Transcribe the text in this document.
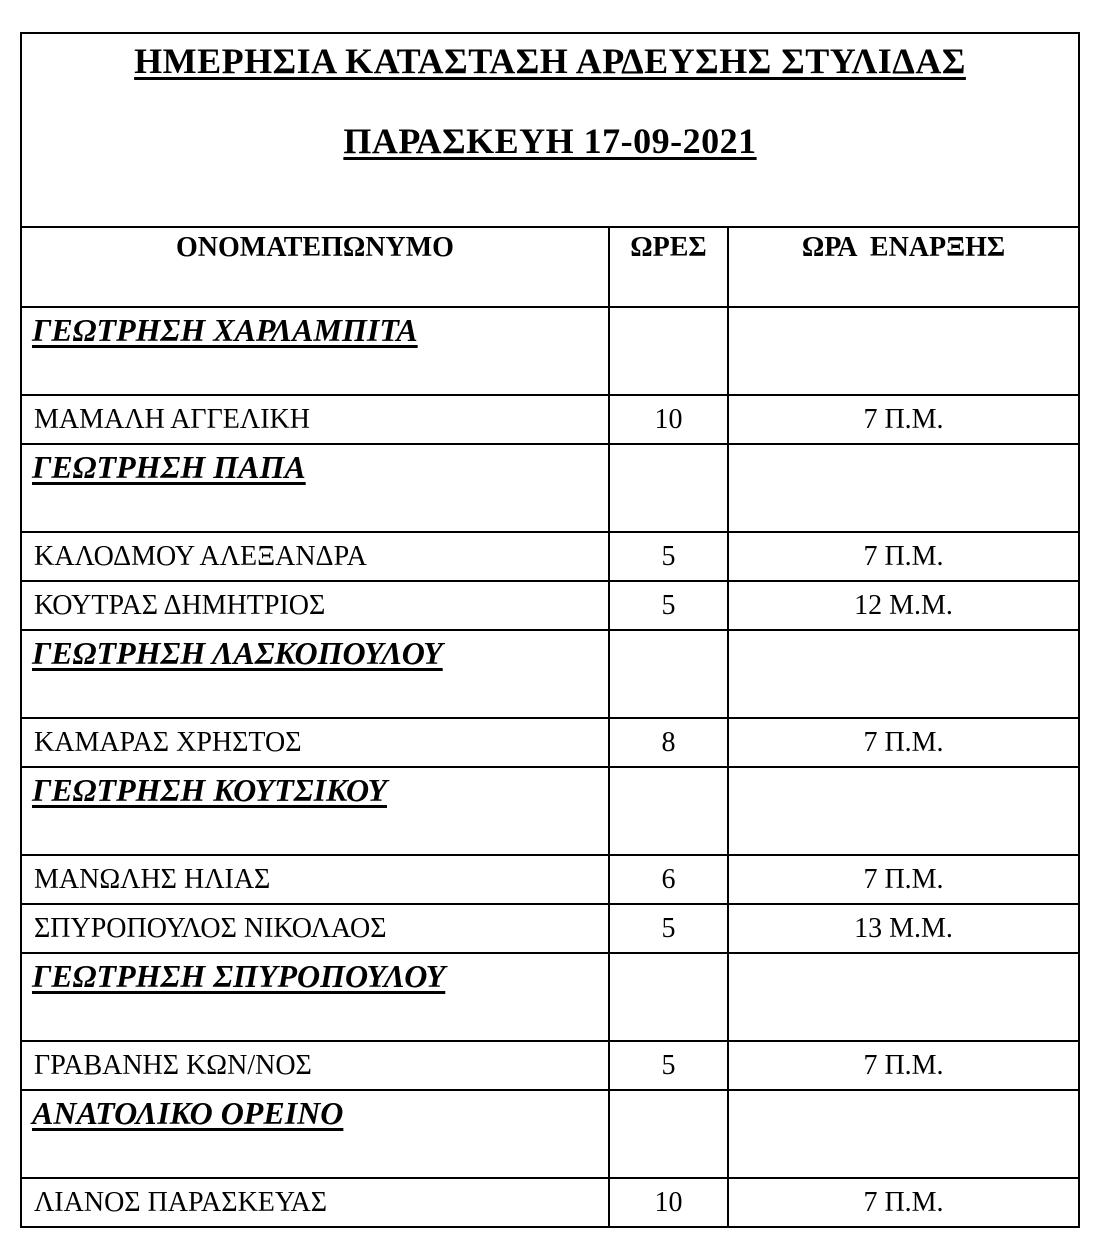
ΗΜΕΡΗΣΙΑ ΚΑΤΑΣΤΑΣΗ ΑΡΔΕΥΣΗΣ ΣΤΥΛΙΔΑΣ
ΠΑΡΑΣΚΕΥΗ 17-09-2021
ΟΝΟΜΑΤΕΠΩΝΥΜΟ	ΩΡΕΣ	ΩΡΑ  ΕΝΑΡΞΗΣ
ΓΕΩΤΡΗΣΗ ΧΑΡΛΑΜΠΙΤΑ		
ΜΑΜΑΛΗ ΑΓΓΕΛΙΚΗ	10	7 Π.Μ.
ΓΕΩΤΡΗΣΗ ΠΑΠΑ		
ΚΑΛΟΔΜΟΥ ΑΛΕΞΑΝΔΡΑ	5	7 Π.Μ.
ΚΟΥΤΡΑΣ ΔΗΜΗΤΡΙΟΣ	5	12 Μ.Μ.
ΓΕΩΤΡΗΣΗ ΛΑΣΚΟΠΟΥΛΟΥ		
ΚΑΜΑΡΑΣ ΧΡΗΣΤΟΣ	8	7 Π.Μ.
ΓΕΩΤΡΗΣΗ ΚΟΥΤΣΙΚΟΥ		
ΜΑΝΩΛΗΣ ΗΛΙΑΣ	6	7 Π.Μ.
ΣΠΥΡΟΠΟΥΛΟΣ ΝΙΚΟΛΑΟΣ	5	13 Μ.Μ.
ΓΕΩΤΡΗΣΗ ΣΠΥΡΟΠΟΥΛΟΥ		
ΓΡΑΒΑΝΗΣ ΚΩΝ/ΝΟΣ	5	7 Π.Μ.
ΑΝΑΤΟΛΙΚΟ ΟΡΕΙΝΟ		
ΛΙΑΝΟΣ ΠΑΡΑΣΚΕΥΑΣ	10	7 Π.Μ.
